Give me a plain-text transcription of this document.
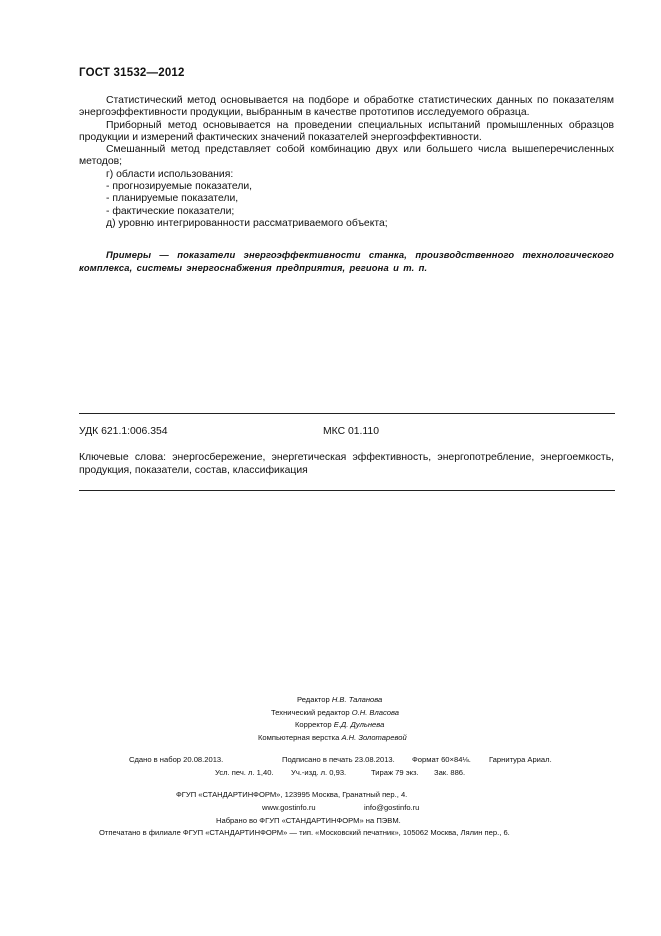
ГОСТ 31532—2012

Статистический метод основывается на подборе и обработке статистических данных по показателям энергоэффективности продукции, выбранным в качестве прототипов исследуемого образца.

Приборный метод основывается на проведении специальных испытаний промышленных образцов продукции и измерений фактических значений показателей энергоэффективности.

Смешанный метод представляет собой комбинацию двух или большего числа вышеперечисленных методов;

г) области использования:

- прогнозируемые показатели,

- планируемые показатели,

- фактические показатели;

д) уровню интегрированности рассматриваемого объекта;

Примеры — показатели энергоэффективности станка, производственного технологического комплекса, системы энергоснабжения предприятия, региона и т. п.
УДК 621.1:006.354	МКС 01.110
Ключевые слова: энергосбережение, энергетическая эффективность, энергопотребление, энергоемкость, продукция, показатели, состав, классификация
Редактор Н.В. Таланова
Технический редактор О.Н. Власова
Корректор Е.Д. Дульнева
Компьютерная верстка А.Н. Золотаревой
Сдано в набор 20.08.2013.	Подписано в печать 23.08.2013. Формат 60×84⅛. Гарнитура Ариал.
Усл. печ. л. 1,40. Уч.-изд. л. 0,93.	Тираж 79 экз. Зак. 886.
ФГУП «СТАНДАРТИНФОРМ», 123995 Москва, Гранатный пер., 4.
www.gostinfo.ru	info@gostinfo.ru
Набрано во ФГУП «СТАНДАРТИНФОРМ» на ПЭВМ.
Отпечатано в филиале ФГУП «СТАНДАРТИНФОРМ» — тип. «Московский печатник», 105062 Москва, Лялин пер., 6.
